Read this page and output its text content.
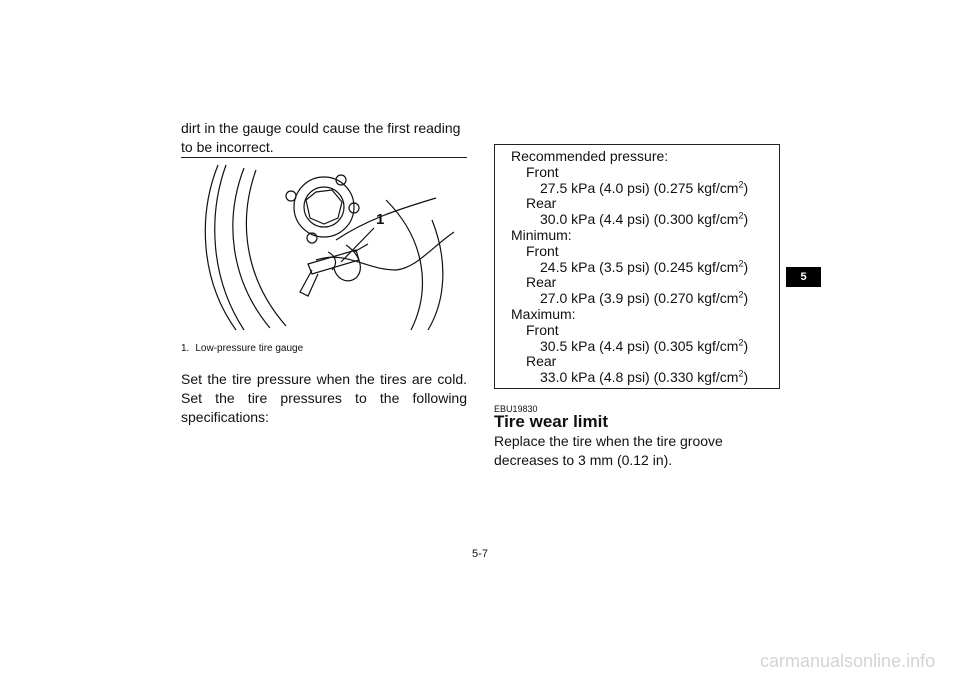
dirt in the gauge could cause the first reading to be incorrect.
1
1. Low-pressure tire gauge
Set the tire pressure when the tires are cold. Set the tire pressures to the following specifications:
Recommended pressure:
Front
27.5 kPa (4.0 psi) (0.275 kgf/$cm^2$)
Rear
30.0 kPa (4.4 psi) (0.300 kgf/$cm^2$)
Minimum:
Front
24.5 kPa (3.5 psi) (0.245 kgf/$cm^2$)
Rear
27.0 kPa (3.9 psi) (0.270 kgf/$cm^2$)
Maximum:
Front
30.5 kPa (4.4 psi) (0.305 kgf/$cm^2$)
Rear
33.0 kPa (4.8 psi) (0.330 kgf/$cm^2$)
EBU19830
Tire wear limit
Replace the tire when the tire groove decreases to 3 mm (0.12 in).
5
5-7
carmanualsonline.info
